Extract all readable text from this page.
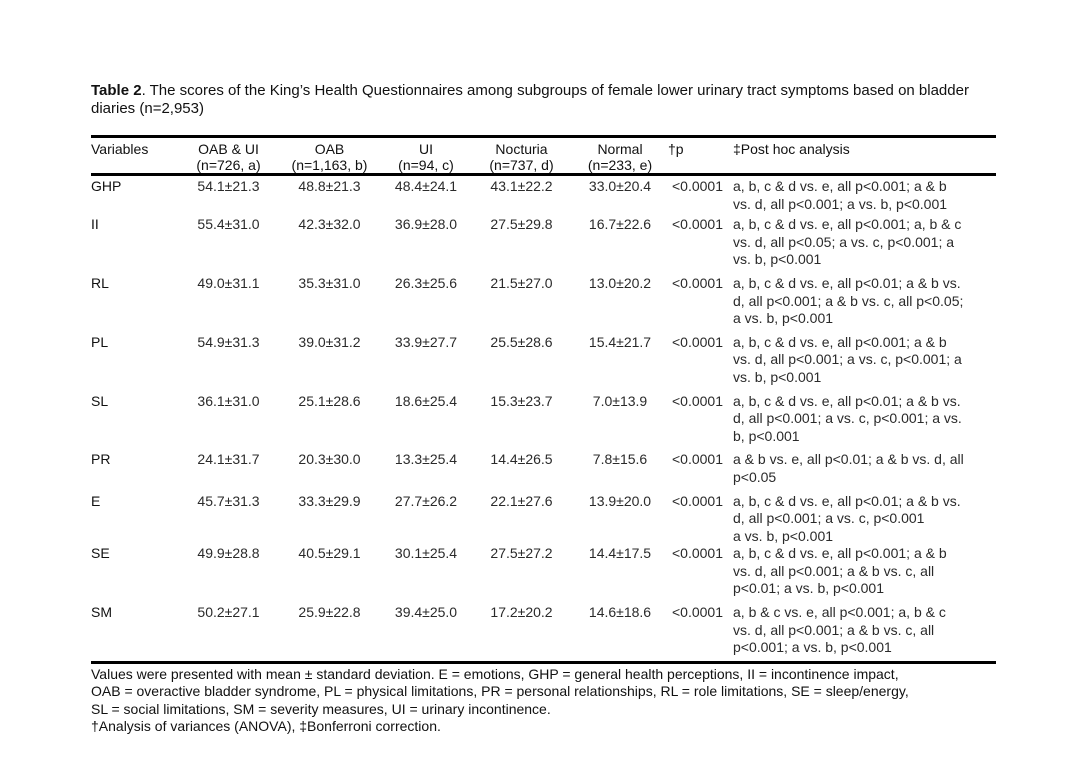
Table 2. The scores of the King’s Health Questionnaires among subgroups of female lower urinary tract symptoms based on bladder diaries (n=2,953)
Variables	OAB & UI	OAB	UI	Nocturia	Normal	†p	‡Post hoc analysis
	(n=726, a)	(n=1,163, b)	(n=94, c)	(n=737, d)	(n=233, e)		
GHP	54.1±21.3	48.8±21.3	48.4±24.1	43.1±22.2	33.0±20.4	<0.0001	a, b, c & d vs. e, all p<0.001; a & b
vs. d, all p<0.001; a vs. b, p<0.001

II	55.4±31.0	42.3±32.0	36.9±28.0	27.5±29.8	16.7±22.6	<0.0001	a, b, c & d vs. e, all p<0.001; a, b & c
vs. d, all p<0.05; a vs. c, p<0.001; a
vs. b, p<0.001

RL	49.0±31.1	35.3±31.0	26.3±25.6	21.5±27.0	13.0±20.2	<0.0001	a, b, c & d vs. e, all p<0.01; a & b vs.
d, all p<0.001; a & b vs. c, all p<0.05;
a vs. b, p<0.001

PL	54.9±31.3	39.0±31.2	33.9±27.7	25.5±28.6	15.4±21.7	<0.0001	a, b, c & d vs. e, all p<0.001; a & b
vs. d, all p<0.001; a vs. c, p<0.001; a
vs. b, p<0.001

SL	36.1±31.0	25.1±28.6	18.6±25.4	15.3±23.7	7.0±13.9	<0.0001	a, b, c & d vs. e, all p<0.01; a & b vs.
d, all p<0.001; a vs. c, p<0.001; a vs.
b, p<0.001

PR	24.1±31.7	20.3±30.0	13.3±25.4	14.4±26.5	7.8±15.6	<0.0001	a & b vs. e, all p<0.01; a & b vs. d, all
p<0.05

E	45.7±31.3	33.3±29.9	27.7±26.2	22.1±27.6	13.9±20.0	<0.0001	a, b, c & d vs. e, all p<0.01; a & b vs.
d, all p<0.001; a vs. c, p<0.001
a vs. b, p<0.001

SE	49.9±28.8	40.5±29.1	30.1±25.4	27.5±27.2	14.4±17.5	<0.0001	a, b, c & d vs. e, all p<0.001; a & b
vs. d, all p<0.001; a & b vs. c, all
p<0.01; a vs. b, p<0.001

SM	50.2±27.1	25.9±22.8	39.4±25.0	17.2±20.2	14.6±18.6	<0.0001	a, b & c vs. e, all p<0.001; a, b & c
vs. d, all p<0.001; a & b vs. c, all
p<0.001; a vs. b, p<0.001

Values were presented with mean ± standard deviation. E = emotions, GHP = general health perceptions, II = incontinence impact,

OAB = overactive bladder syndrome, PL = physical limitations, PR = personal relationships, RL = role limitations, SE = sleep/energy,

SL = social limitations, SM = severity measures, UI = urinary incontinence.

†Analysis of variances (ANOVA), ‡Bonferroni correction.
